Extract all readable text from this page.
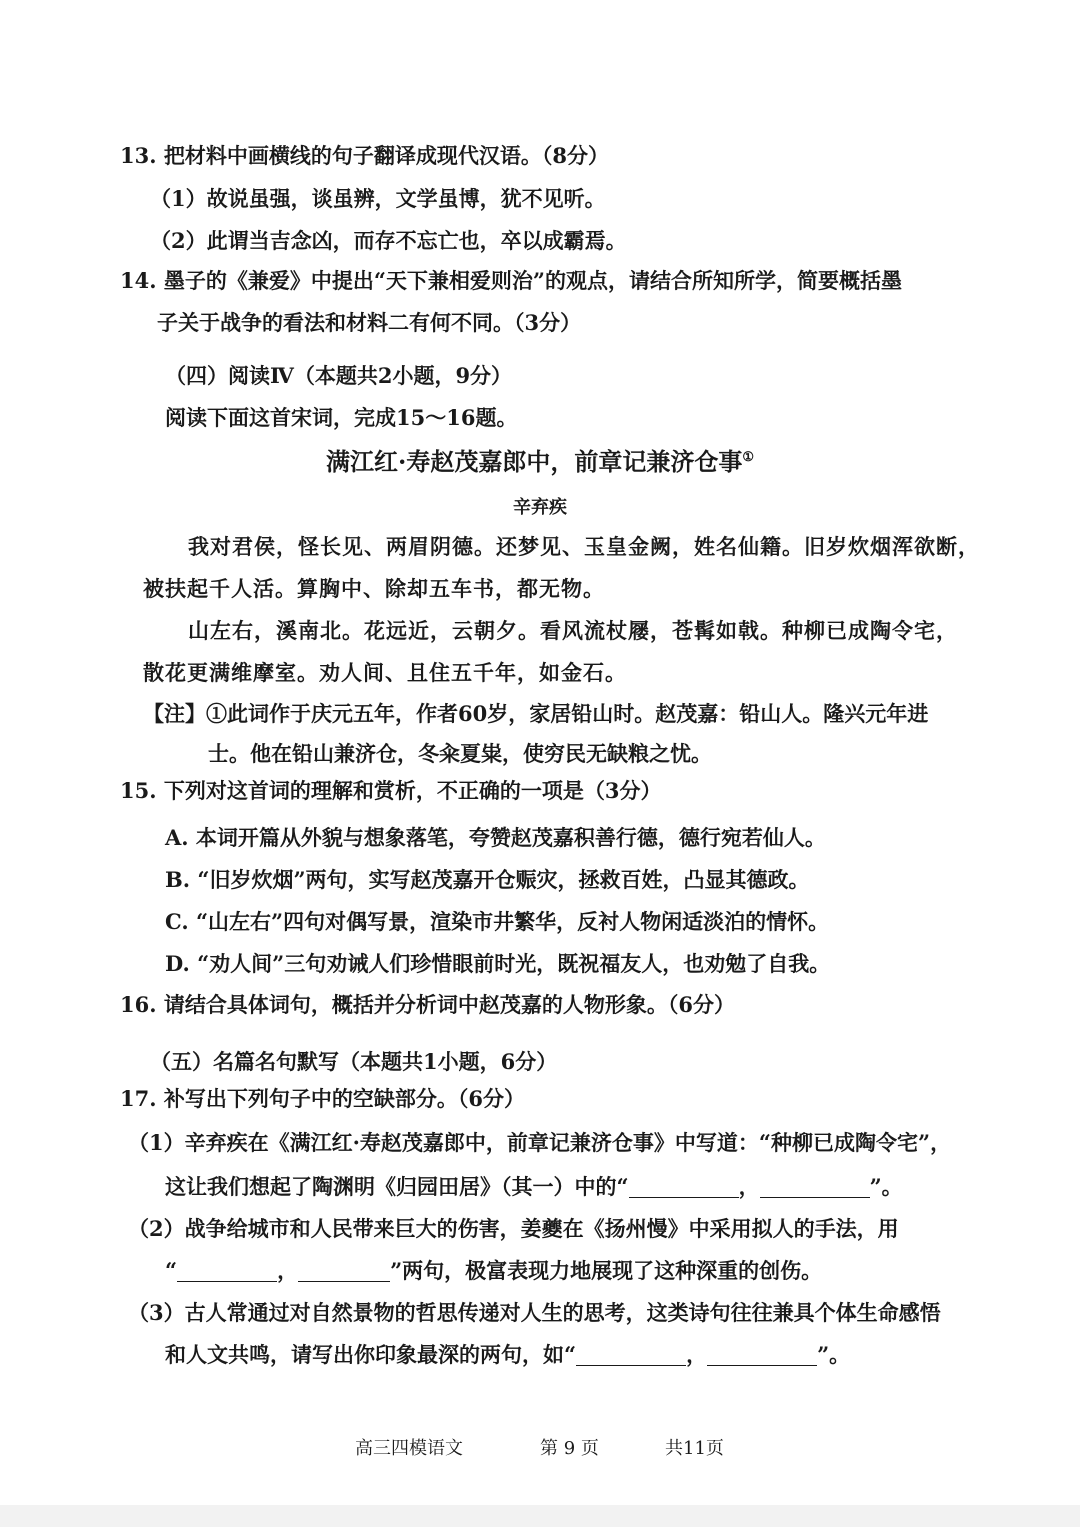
13. 把材料中画横线的句子翻译成现代汉语。（8分）
（1）故说虽强，谈虽辨，文学虽博，犹不见听。
（2）此谓当吉念凶，而存不忘亡也，卒以成霸焉。
14. 墨子的《兼爱》中提出“天下兼相爱则治”的观点，请结合所知所学，简要概括墨
子关于战争的看法和材料二有何不同。（3分）
（四）阅读Ⅳ（本题共2小题，9分）
阅读下面这首宋词，完成15～16题。
满江红·寿赵茂嘉郎中，前章记兼济仓事①
辛弃疾
我对君侯，怪长见、两眉阴德。还梦见、玉皇金阙，姓名仙籍。旧岁炊烟浑欲断，
被扶起千人活。算胸中、除却五车书，都无物。
山左右，溪南北。花远近，云朝夕。看风流杖屦，苍髯如戟。种柳已成陶令宅，
散花更满维摩室。劝人间、且住五千年，如金石。
【注】①此词作于庆元五年，作者60岁，家居铅山时。赵茂嘉：铅山人。隆兴元年进
士。他在铅山兼济仓，冬籴夏粜，使穷民无缺粮之忧。
15. 下列对这首词的理解和赏析，不正确的一项是（3分）
A. 本词开篇从外貌与想象落笔，夸赞赵茂嘉积善行德，德行宛若仙人。
B. “旧岁炊烟”两句，实写赵茂嘉开仓赈灾，拯救百姓，凸显其德政。
C. “山左右”四句对偶写景，渲染市井繁华，反衬人物闲适淡泊的情怀。
D. “劝人间”三句劝诫人们珍惜眼前时光，既祝福友人，也劝勉了自我。
16. 请结合具体词句，概括并分析词中赵茂嘉的人物形象。（6分）
（五）名篇名句默写（本题共1小题，6分）
17. 补写出下列句子中的空缺部分。（6分）
（1）辛弃疾在《满江红·寿赵茂嘉郎中，前章记兼济仓事》中写道：“种柳已成陶令宅”，
这让我们想起了陶渊明《归园田居》（其一）中的“	，	”。
（2）战争给城市和人民带来巨大的伤害，姜夔在《扬州慢》中采用拟人的手法，用
“	，	”两句，极富表现力地展现了这种深重的创伤。
（3）古人常通过对自然景物的哲思传递对人生的思考，这类诗句往往兼具个体生命感悟
和人文共鸣，请写出你印象最深的两句，如“	，	”。
高三四模语文	第 9 页	共11页
